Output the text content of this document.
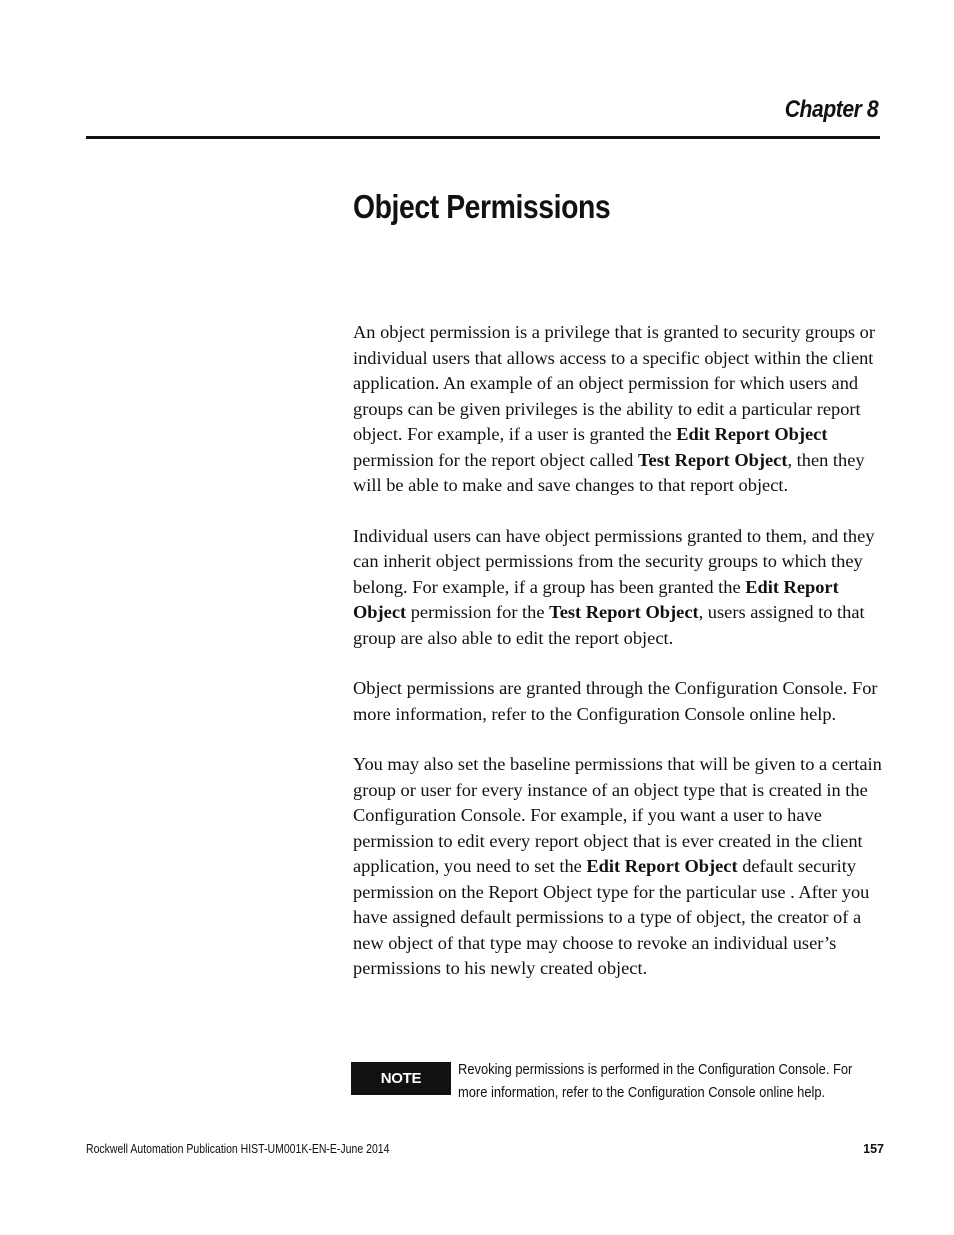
Chapter 8
Object Permissions

An object permission is a privilege that is granted to security groups or individual users that allows access to a specific object within the client application. An example of an object permission for which users and groups can be given privileges is the ability to edit a particular report object. For example, if a user is granted the Edit Report Object permission for the report object called Test Report Object, then they will be able to make and save changes to that report object.

Individual users can have object permissions granted to them, and they can inherit object permissions from the security groups to which they belong. For example, if a group has been granted the Edit Report Object permission for the Test Report Object, users assigned to that group are also able to edit the report object.

Object permissions are granted through the Configuration Console. For more information, refer to the Configuration Console online help.

You may also set the baseline permissions that will be given to a certain group or user for every instance of an object type that is created in the Configuration Console. For example, if you want a user to have permission to edit every report object that is ever created in the client application, you need to set the Edit Report Object default security permission on the Report Object type for the particular use . After you have assigned default permissions to a type of object, the creator of a new object of that type may choose to revoke an individual user’s permissions to his newly created object.

NOTE
Revoking permissions is performed in the Configuration Console. For
more information, refer to the Configuration Console online help.
Rockwell Automation Publication HIST-UM001K-EN-E-June 2014	157
